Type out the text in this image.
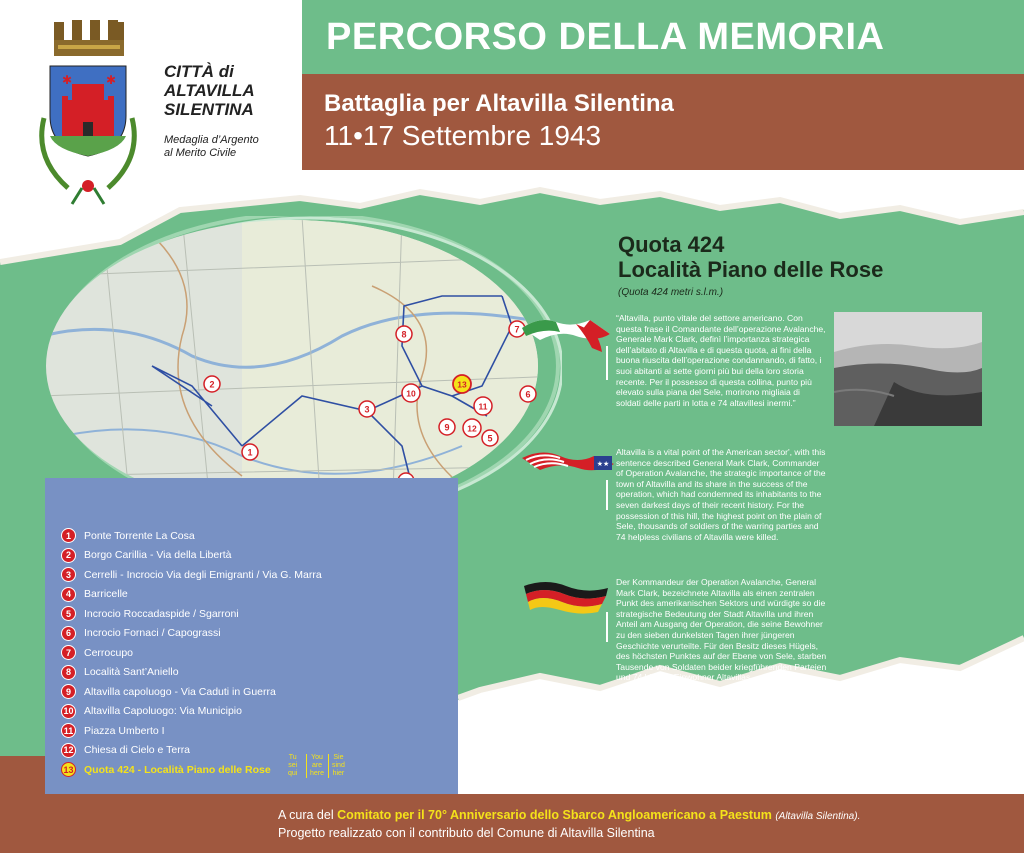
✱	✱	CITTÀ di
ALTAVILLA
SILENTINA
Medaglia d’Argento
al Merito Civile
PERCORSO DELLA MEMORIA
Battaglia per Altavilla Silentina
11•17 Settembre 1943
1
2
3
5
6
7
8
9
10
11
12
13
Quota 424
Località Piano delle Rose
(Quota 424 metri s.l.m.)
★★
“Altavilla, punto vitale del settore americano. Con questa frase il Comandante dell’operazione Avalanche, Generale Mark Clark, definì l’importanza strategica dell’abitato di Altavilla e di questa quota, ai fini della buona riuscita dell’operazione condannando, di fatto, i suoi abitanti ai sette giorni più bui della loro storia recente. Per il possesso di questa collina, punto più elevato sulla piana del Sele, morirono migliaia di soldati delle parti in lotta e 74 altavillesi inermi.”
Altavilla is a vital point of the American sector', with this sentence described General Mark Clark, Commander of Operation Avalanche, the strategic importance of the town of Altavilla and its share in the success of the operation, which had condemned its inhabitants to the seven darkest days of their recent history. For the possession of this hill, the highest point on the plain of Sele, thousands of soldiers of the warring parties and 74 helpless civilians of Altavilla were killed.
Der Kommandeur der Operation Avalanche, General Mark Clark, bezeichnete Altavilla als einen zentralen Punkt des amerikanischen Sektors und würdigte so die strategische Bedeutung der Stadt Altavilla und ihren Anteil am Ausgang der Operation, die seine Bewohner zu den sieben dunkelsten Tagen ihrer jüngeren Geschichte verurteilte. Für den Besitz dieses Hügels, des höchsten Punktes auf der Ebene von Sele, starben Tausende von Soldaten beider kriegführenden Parteien und 74 hilflose Einwohner Altavillas.
1	Ponte Torrente La Cosa
2	Borgo Carillia - Via della Libertà
3	Cerrelli - Incrocio Via degli Emigranti / Via G. Marra
4	Barricelle
5	Incrocio Roccadaspide / Sgarroni
6	Incrocio Fornaci / Capograssi
7	Cerrocupo
8	Località Sant’Aniello
9	Altavilla capoluogo - Via Caduti in Guerra
10 Altavilla Capoluogo: Via Municipio
11 Piazza Umberto I
12 Chiesa di Cielo e Terra
13 Quota 424 - Località Piano delle Rose
Tu
sei
qui
You
are
here
Sie
sind
hier
A cura del Comitato per il 70° Anniversario dello Sbarco Angloamericano a Paestum (Altavilla Silentina).
Progetto realizzato con il contributo del Comune di Altavilla Silentina
